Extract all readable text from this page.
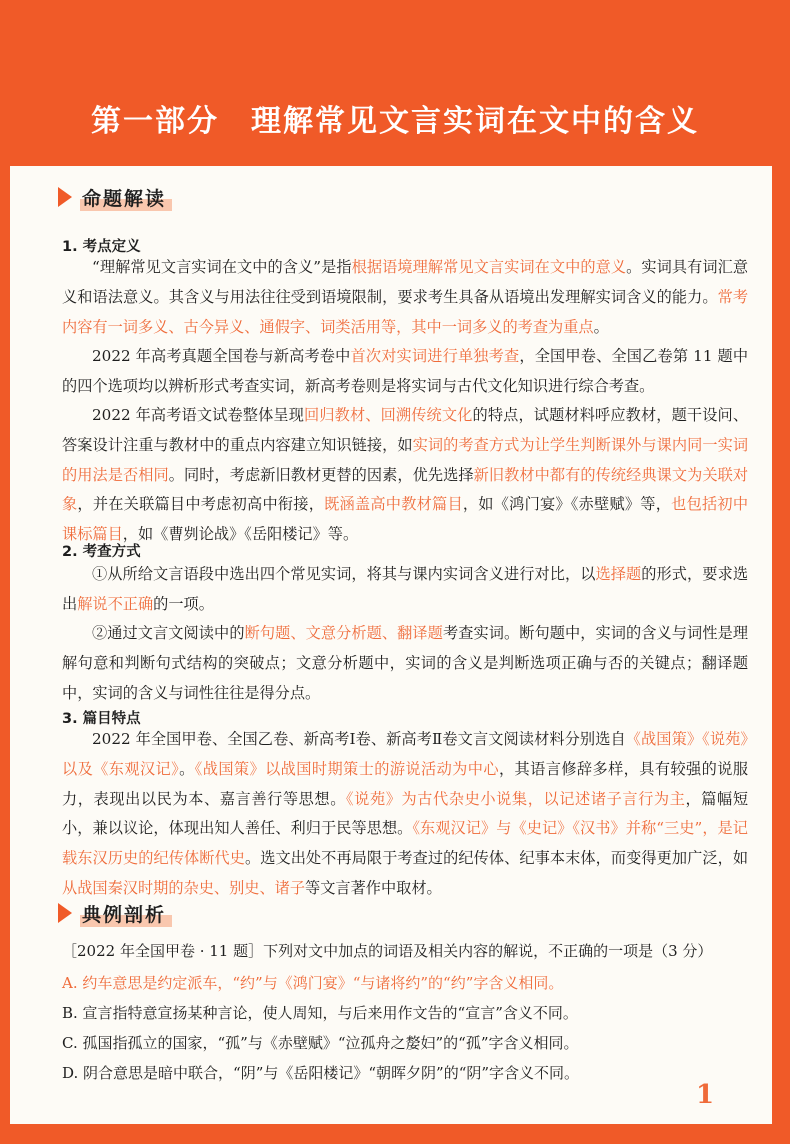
第一部分　理解常见文言实词在文中的含义
命题解读
1. 考点定义
“理解常见文言实词在文中的含义”是指根据语境理解常见文言实词在文中的意义。实词具有词汇意义和语法意义。其含义与用法往往受到语境限制，要求考生具备从语境出发理解实词含义的能力。常考内容有一词多义、古今异义、通假字、词类活用等，其中一词多义的考查为重点。
2022 年高考真题全国卷与新高考卷中首次对实词进行单独考查，全国甲卷、全国乙卷第 11 题中的四个选项均以辨析形式考查实词，新高考卷则是将实词与古代文化知识进行综合考查。
2022 年高考语文试卷整体呈现回归教材、回溯传统文化的特点，试题材料呼应教材，题干设问、答案设计注重与教材中的重点内容建立知识链接，如实词的考查方式为让学生判断课外与课内同一实词的用法是否相同。同时，考虑新旧教材更替的因素，优先选择新旧教材中都有的传统经典课文为关联对象，并在关联篇目中考虑初高中衔接，既涵盖高中教材篇目，如《鸿门宴》《赤壁赋》等，也包括初中课标篇目，如《曹刿论战》《岳阳楼记》等。
2. 考查方式
①从所给文言语段中选出四个常见实词，将其与课内实词含义进行对比，以选择题的形式，要求选出解说不正确的一项。
②通过文言文阅读中的断句题、文意分析题、翻译题考查实词。断句题中，实词的含义与词性是理解句意和判断句式结构的突破点；文意分析题中，实词的含义是判断选项正确与否的关键点；翻译题中，实词的含义与词性往往是得分点。
3. 篇目特点
2022 年全国甲卷、全国乙卷、新高考Ⅰ卷、新高考Ⅱ卷文言文阅读材料分别选自《战国策》《说苑》以及《东观汉记》。《战国策》以战国时期策士的游说活动为中心，其语言修辞多样，具有较强的说服力，表现出以民为本、嘉言善行等思想。《说苑》为古代杂史小说集，以记述诸子言行为主，篇幅短小，兼以议论，体现出知人善任、利归于民等思想。《东观汉记》与《史记》《汉书》并称“三史”，是记载东汉历史的纪传体断代史。选文出处不再局限于考查过的纪传体、纪事本末体，而变得更加广泛，如从战国秦汉时期的杂史、别史、诸子等文言著作中取材。
典例剖析
［2022 年全国甲卷 · 11 题］下列对文中加点的词语及相关内容的解说，不正确的一项是（3 分）
A. 约车意思是约定派车，“约”与《鸿门宴》“与诸将约”的“约”字含义相同。
B. 宣言指特意宣扬某种言论，使人周知，与后来用作文告的“宣言”含义不同。
C. 孤国指孤立的国家，“孤”与《赤壁赋》“泣孤舟之嫠妇”的“孤”字含义相同。
D. 阴合意思是暗中联合，“阴”与《岳阳楼记》“朝晖夕阴”的“阴”字含义不同。
1
